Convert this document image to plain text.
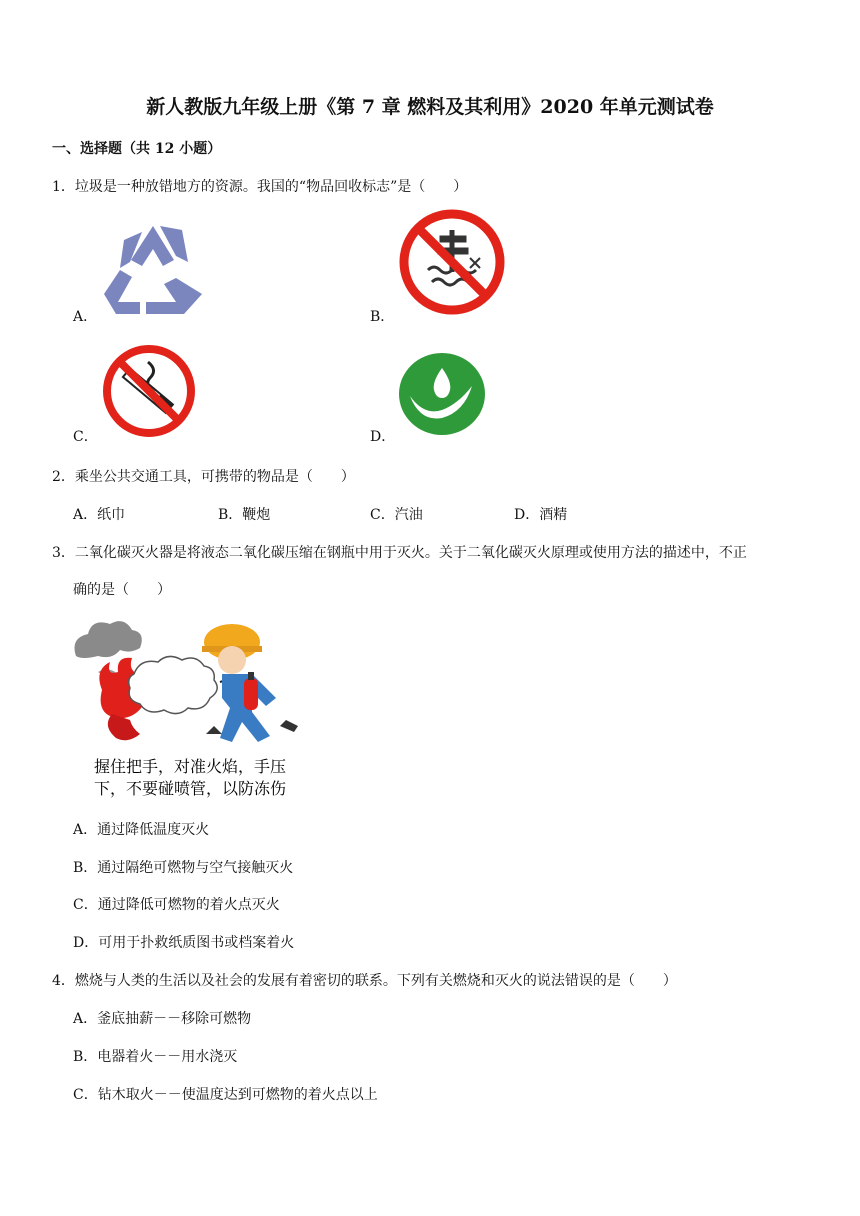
新人教版九年级上册《第 7 章 燃料及其利用》2020 年单元测试卷
一、选择题（共 12 小题）
1．垃圾是一种放错地方的资源。我国的“物品回收标志”是（　　）
A．	B．
C．	D．
2．乘坐公共交通工具，可携带的物品是（　　）
A．纸巾	B．鞭炮	C．汽油	D．酒精
3．二氧化碳灭火器是将液态二氧化碳压缩在钢瓶中用于灭火。关于二氧化碳灭火原理或使用方法的描述中，不正
确的是（　　）
握住把手，对准火焰，手压
下，不要碰喷管，以防冻伤
A．通过降低温度灭火
B．通过隔绝可燃物与空气接触灭火
C．通过降低可燃物的着火点灭火
D．可用于扑救纸质图书或档案着火
4．燃烧与人类的生活以及社会的发展有着密切的联系。下列有关燃烧和灭火的说法错误的是（　　）
A．釜底抽薪－－移除可燃物
B．电器着火－－用水浇灭
C．钻木取火－－使温度达到可燃物的着火点以上
